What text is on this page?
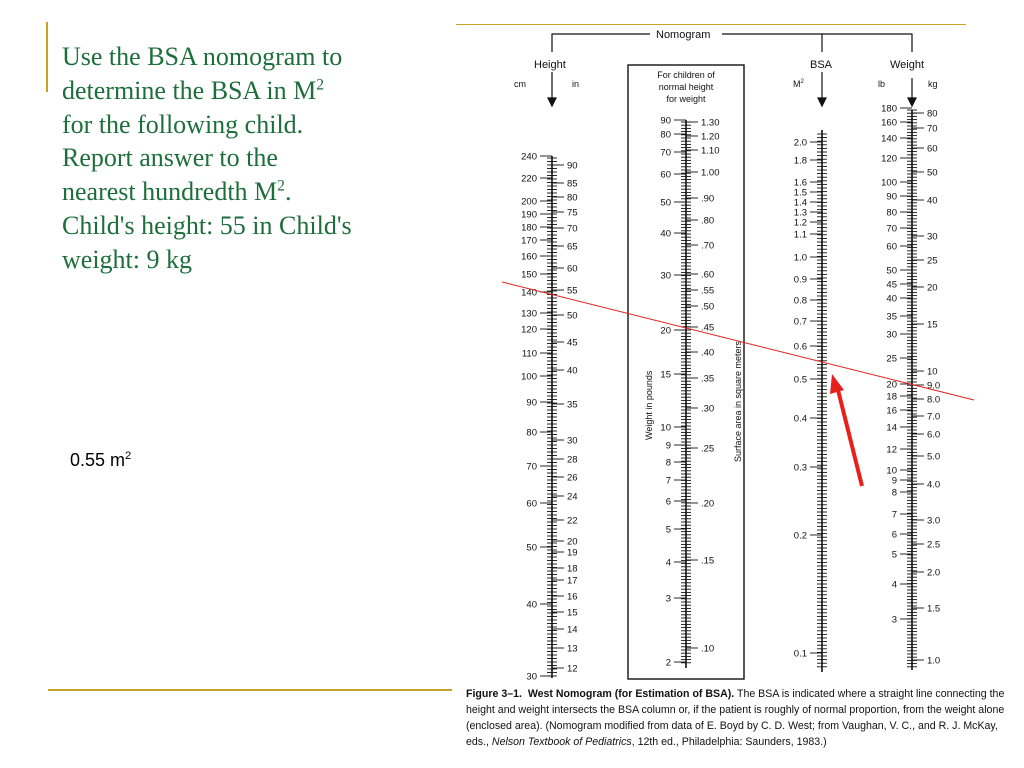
Use the BSA nomogram to
determine the BSA in $M^2$
for the following child.
Report answer to the
nearest hundredth $M^2$.
Child's height: 55 in Child's
weight: 9 kg
0.55 $m^2$
Nomogram
Height
cm	in
BSA
$M^2$
Weight
lb	kg
For children of
normal height
for weight
Weight in pounds	Surface area in square meters
240
220
200
190
180
170
160
150
140
130
120
110
100
90
80
70
60
50
40
30
90
85
80
75
70
65
60
55
50
45
40
35
30
28
26
24
22
20
19
18
17
16
15
14
13
12
90
80
70
60
50
40
30
20
15
10
9
8
7
6
5
4
3
2
1.30
1.20
1.10
1.00
.90
.80
.70
.60
.55
.50
.45
.40
.35
.30
.25
.20
.15
.10
2.0
1.8
1.6
1.5
1.4
1.3
1.2
1.1
1.0
0.9
0.8
0.7
0.6
0.5
0.4
0.3
0.2
0.1
180
160
140
120
100
90
80
70
60
50
45
40
35
30
25
20
18
16
14
12
10
9
8
7
6
5
4
3
80
70
60
50
40
30
25
20
15
10
9.0
8.0
7.0
6.0
5.0
4.0
3.0
2.5
2.0
1.5
1.0

Figure 3–1. West Nomogram (for Estimation of BSA). The BSA is indicated where a straight line connecting the height and weight intersects the BSA column or, if the patient is roughly of normal proportion, from the weight alone (enclosed area). (Nomogram modified from data of E. Boyd by C. D. West; from Vaughan, V. C., and R. J. McKay, eds., Nelson Textbook of Pediatrics, 12th ed., Philadelphia: Saunders, 1983.)
